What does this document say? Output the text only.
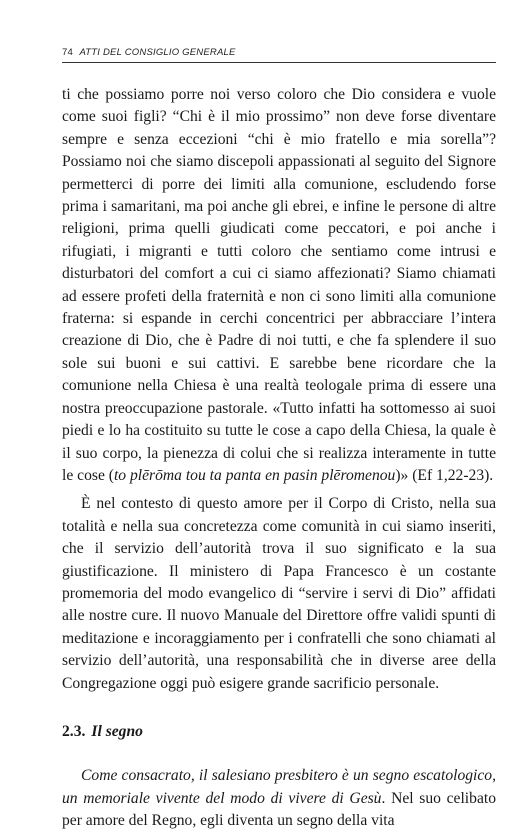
74 ATTI DEL CONSIGLIO GENERALE

ti che possiamo porre noi verso coloro che Dio considera e vuole come suoi figli? “Chi è il mio prossimo” non deve forse diventare sempre e senza eccezioni “chi è mio fratello e mia sorella”? Possiamo noi che siamo discepoli appassionati al seguito del Signore permetterci di porre dei limiti alla comunione, escludendo forse prima i samaritani, ma poi anche gli ebrei, e infine le persone di altre religioni, prima quelli giudicati come peccatori, e poi anche i rifugiati, i migranti e tutti coloro che sentiamo come intrusi e disturbatori del comfort a cui ci siamo affezionati? Siamo chiamati ad essere profeti della fraternità e non ci sono limiti alla comunione fraterna: si espande in cerchi concentrici per abbracciare l’intera creazione di Dio, che è Padre di noi tutti, e che fa splendere il suo sole sui buoni e sui cattivi. E sarebbe bene ricordare che la comunione nella Chiesa è una realtà teologale prima di essere una nostra preoccupazione pastorale. «Tutto infatti ha sottomesso ai suoi piedi e lo ha costituito su tutte le cose a capo della Chiesa, la quale è il suo corpo, la pienezza di colui che si realizza interamente in tutte le cose (to plērōma tou ta panta en pasin plēromenou)» (Ef 1,22-23).

È nel contesto di questo amore per il Corpo di Cristo, nella sua totalità e nella sua concretezza come comunità in cui siamo inseriti, che il servizio dell’autorità trova il suo significato e la sua giustificazione. Il ministero di Papa Francesco è un costante promemoria del modo evangelico di “servire i servi di Dio” affidati alle nostre cure. Il nuovo Manuale del Direttore offre validi spunti di meditazione e incoraggiamento per i confratelli che sono chiamati al servizio dell’autorità, una responsabilità che in diverse aree della Congregazione oggi può esigere grande sacrificio personale.

2.3. Il segno

Come consacrato, il salesiano presbitero è un segno escatologico, un memoriale vivente del modo di vivere di Gesù. Nel suo celibato per amore del Regno, egli diventa un segno della vita
